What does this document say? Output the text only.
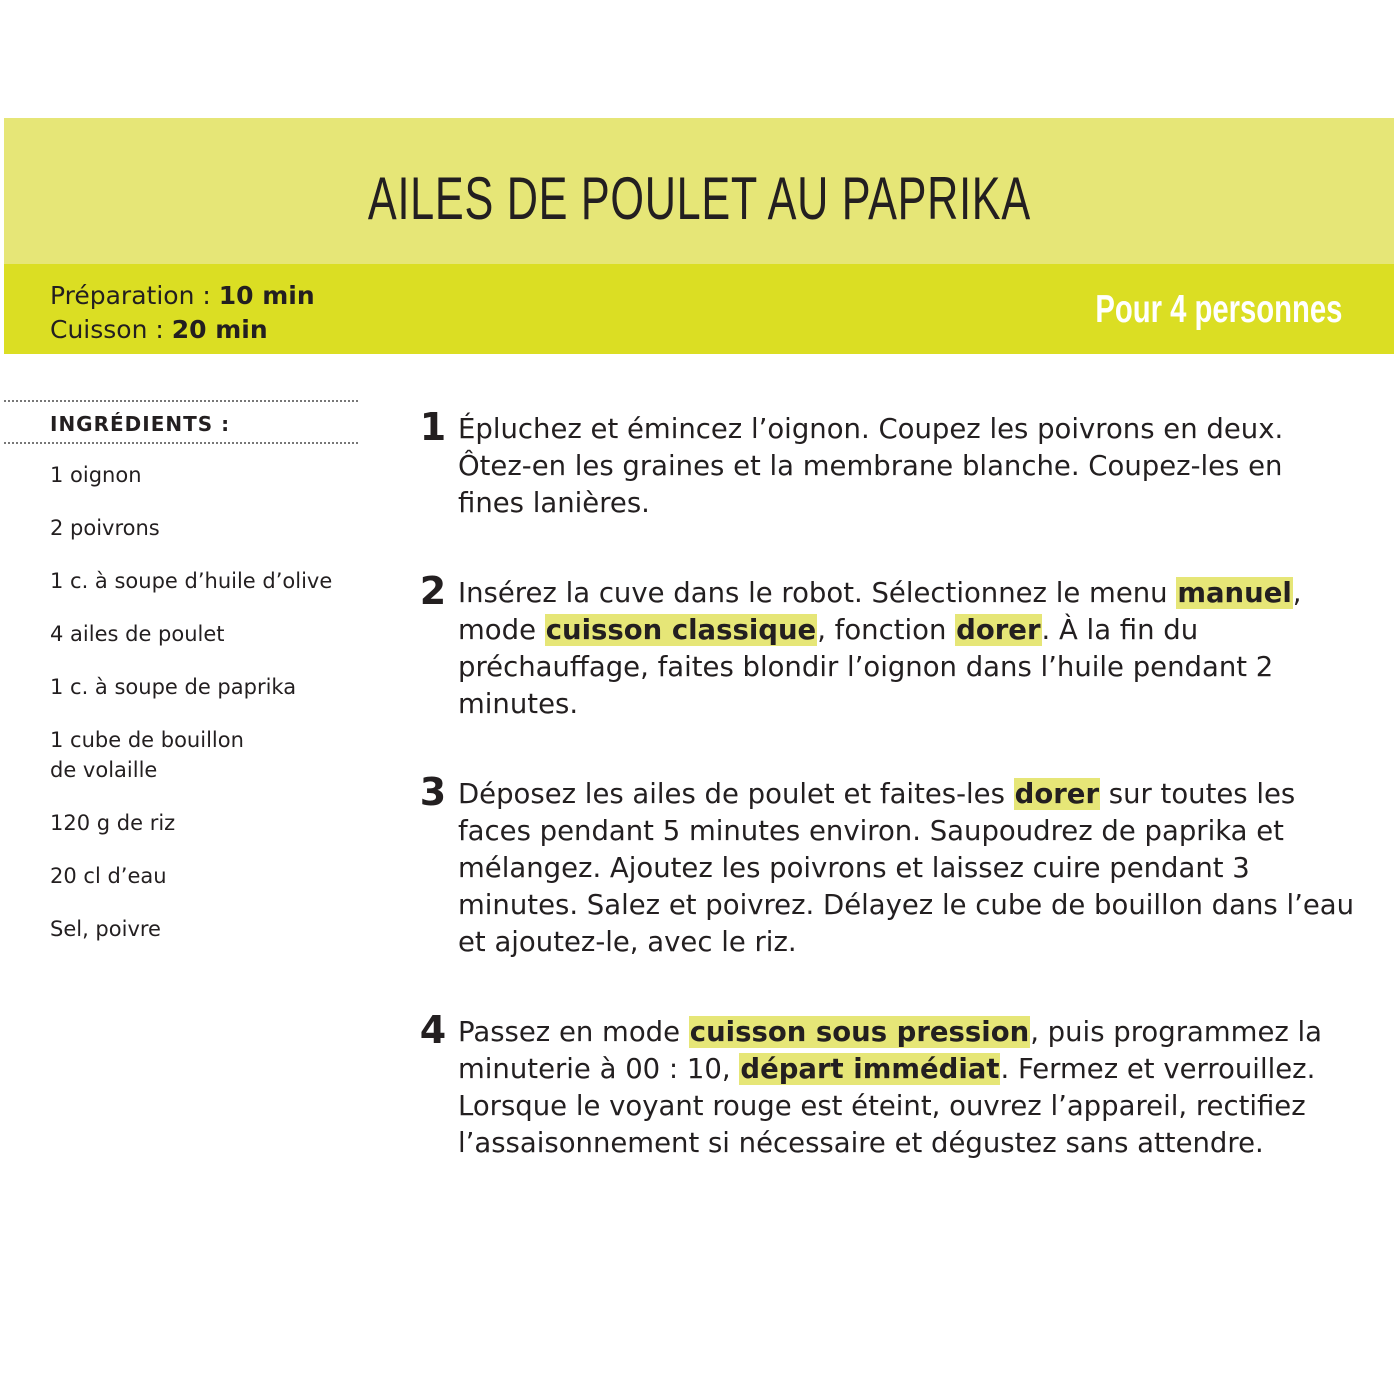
AILES DE POULET AU PAPRIKA
Préparation : 10 min
Cuisson : 20 min	Pour 4 personnes
INGRÉDIENTS :
1 oignon
2 poivrons
1 c. à soupe d’huile d’olive
4 ailes de poulet
1 c. à soupe de paprika
1 cube de bouillon
de volaille
120 g de riz
20 cl d’eau
Sel, poivre
1 Épluchez et émincez l’oignon. Coupez les poivrons en deux. Ôtez-en les graines et la membrane blanche. Coupez-les en fines lanières.
2 Insérez la cuve dans le robot. Sélectionnez le menu manuel, mode cuisson classique, fonction dorer. À la fin du préchauffage, faites blondir l’oignon dans l’huile pendant 2 minutes.
3 Déposez les ailes de poulet et faites-les dorer sur toutes les faces pendant 5 minutes environ. Saupoudrez de paprika et mélangez. Ajoutez les poivrons et laissez cuire pendant 3 minutes. Salez et poivrez. Délayez le cube de bouillon dans l’eau et ajoutez-le, avec le riz.
4 Passez en mode cuisson sous pression, puis programmez la minuterie à 00 : 10, départ immédiat. Fermez et verrouillez. Lorsque le voyant rouge est éteint, ouvrez l’appareil, rectifiez l’assaisonnement si nécessaire et dégustez sans attendre.
